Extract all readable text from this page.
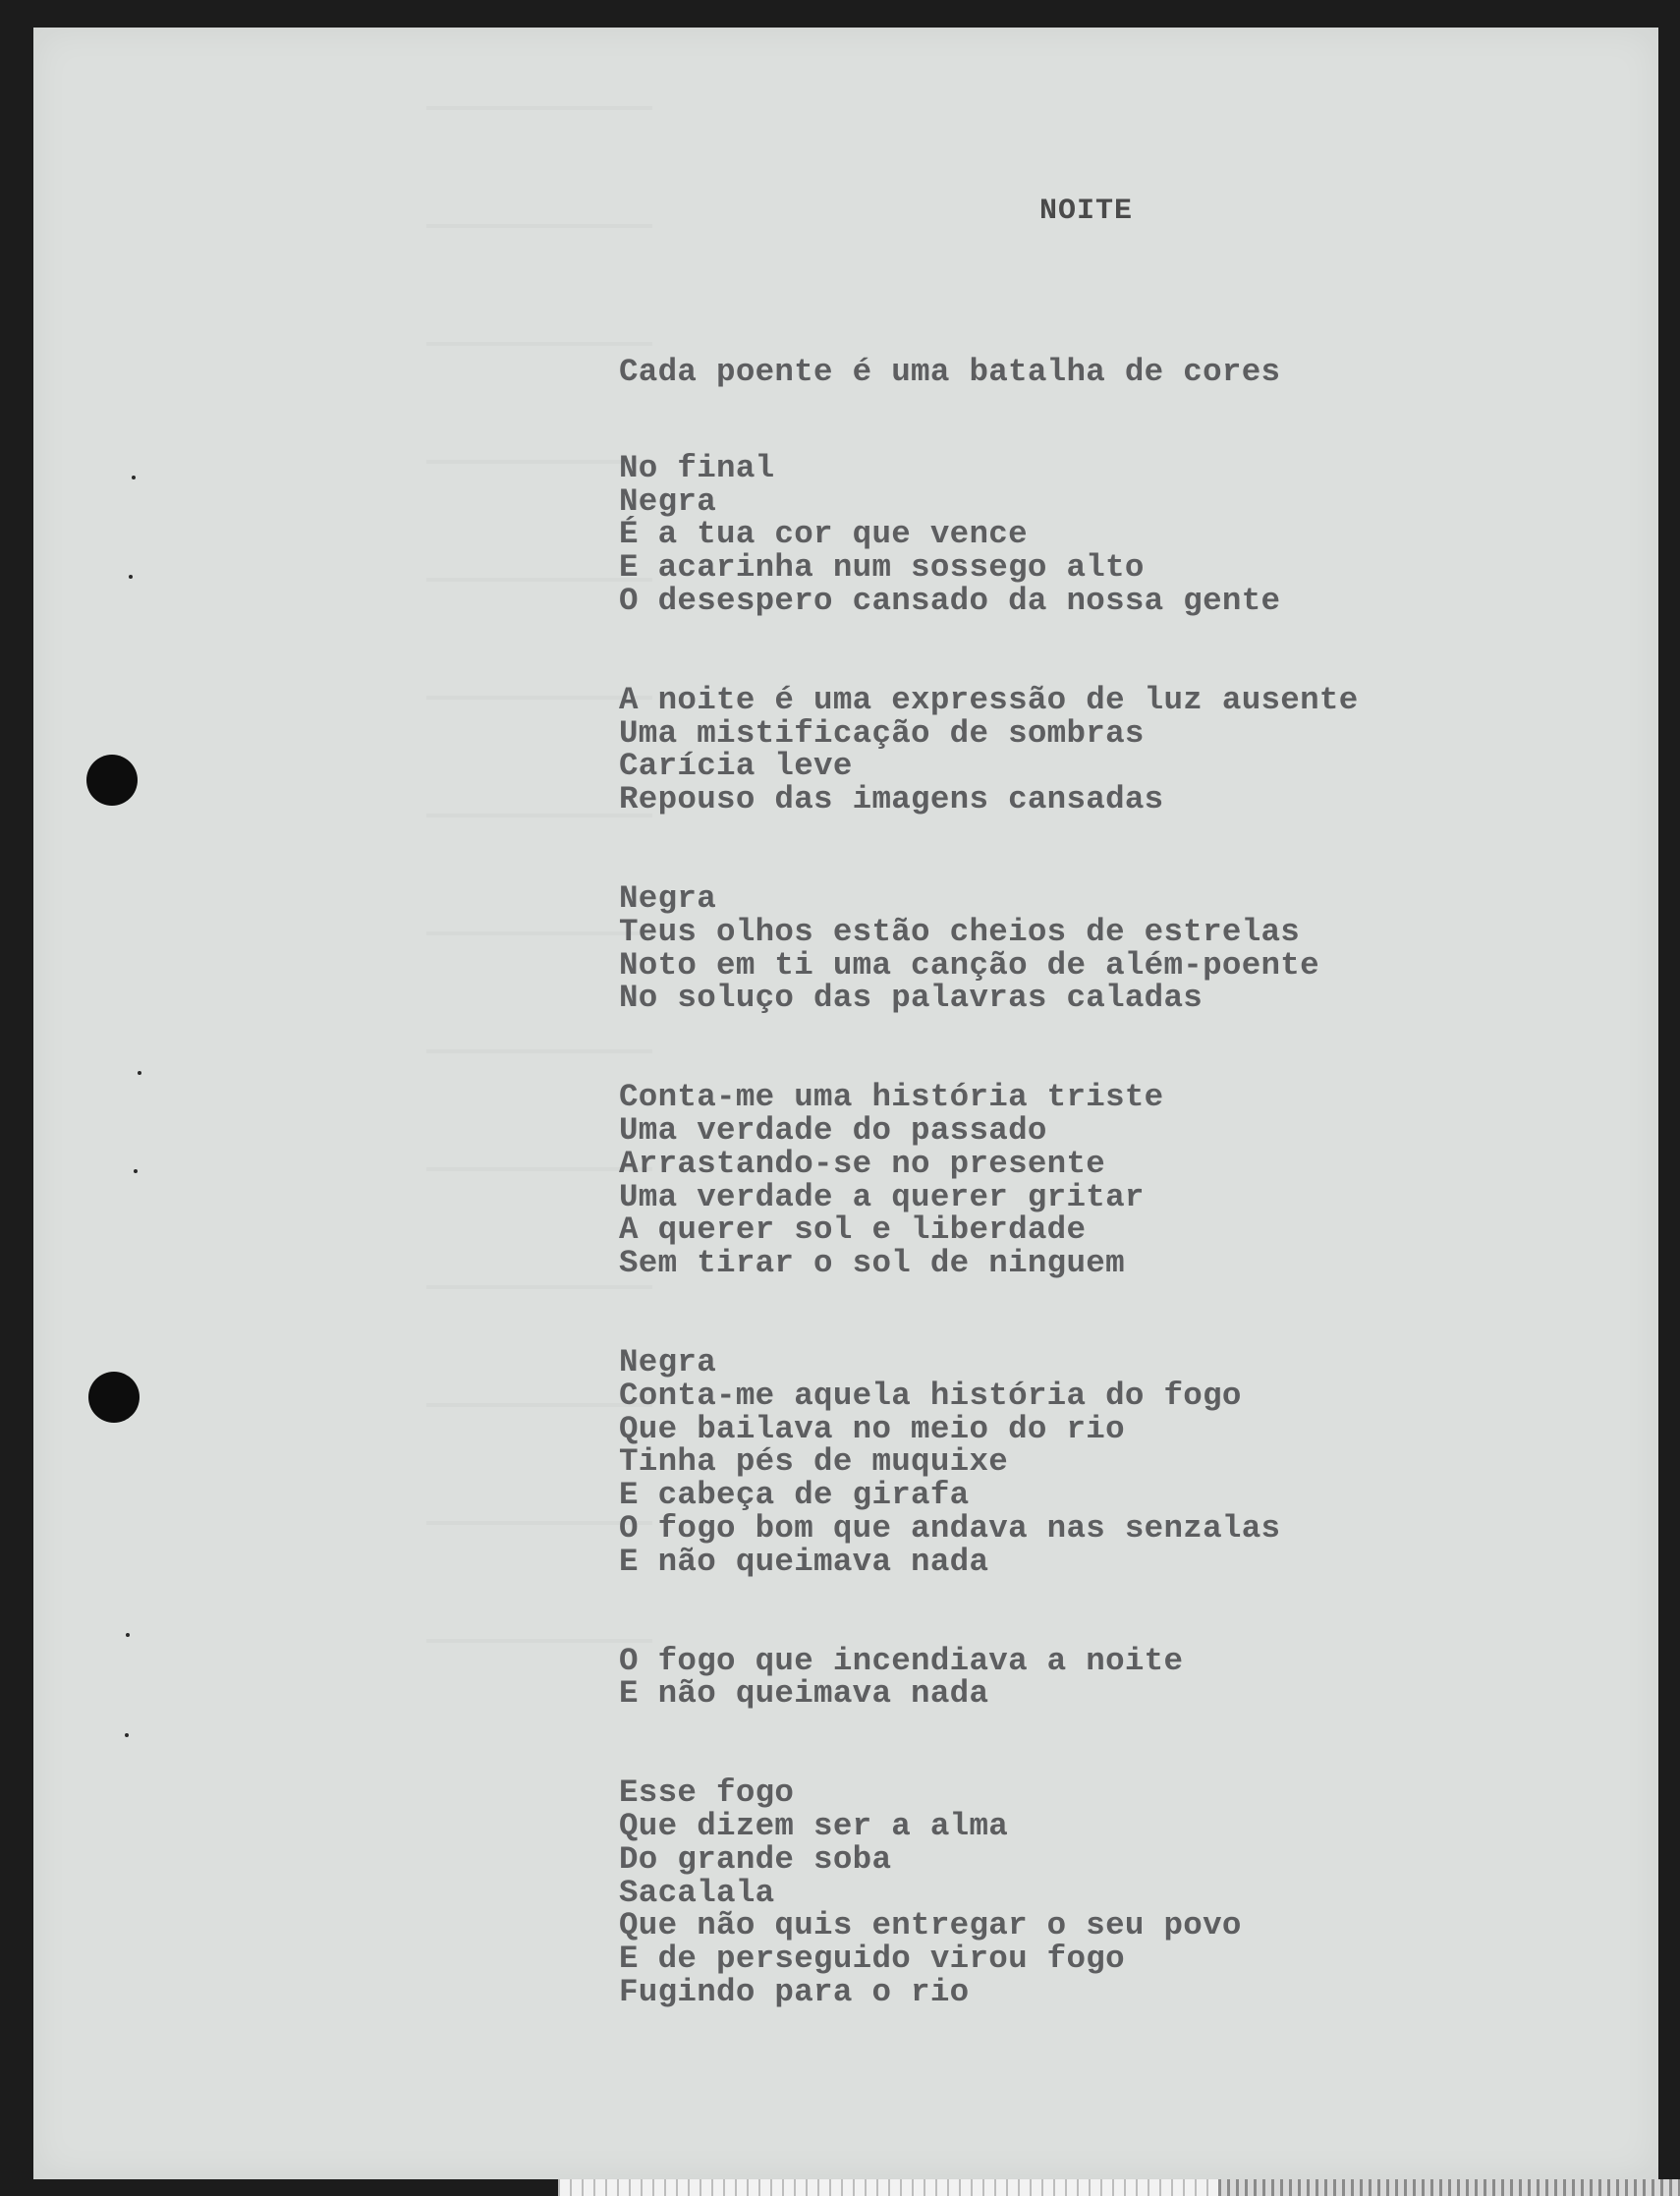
NOITE
Cada poente é uma batalha de cores
No final
Negra
É a tua cor que vence
E acarinha num sossego alto
O desespero cansado da nossa gente
A noite é uma expressão de luz ausente
Uma mistificação de sombras
Carícia leve
Repouso das imagens cansadas
Negra
Teus olhos estão cheios de estrelas
Noto em ti uma canção de além-poente
No soluço das palavras caladas
Conta-me uma história triste
Uma verdade do passado
Arrastando-se no presente
Uma verdade a querer gritar
A querer sol e liberdade
Sem tirar o sol de ninguem
Negra
Conta-me aquela história do fogo
Que bailava no meio do rio
Tinha pés de muquixe
E cabeça de girafa
O fogo bom que andava nas senzalas
E não queimava nada
O fogo que incendiava a noite
E não queimava nada
Esse fogo
Que dizem ser a alma
Do grande soba
Sacalala
Que não quis entregar o seu povo
E de perseguido virou fogo
Fugindo para o rio
